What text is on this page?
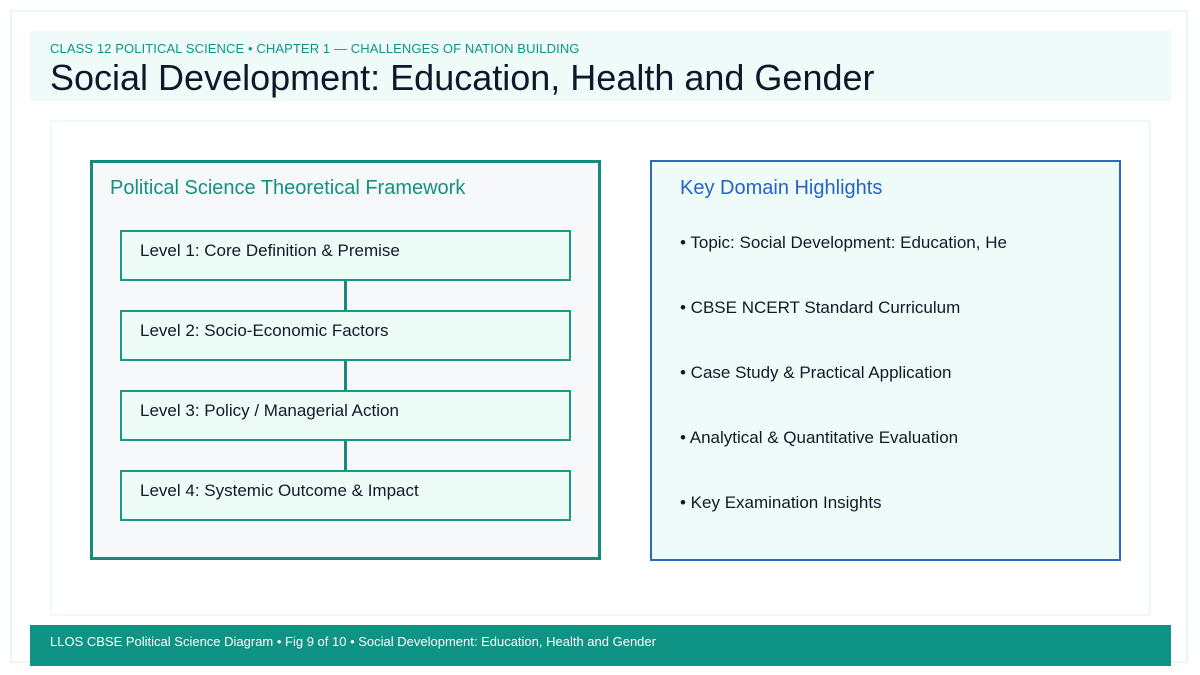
CLASS 12 POLITICAL SCIENCE • CHAPTER 1 — CHALLENGES OF NATION BUILDING
Social Development: Education, Health and Gender
Political Science Theoretical Framework
Level 1: Core Definition & Premise
Level 2: Socio-Economic Factors
Level 3: Policy / Managerial Action
Level 4: Systemic Outcome & Impact
Key Domain Highlights
• Topic: Social Development: Education, He
• CBSE NCERT Standard Curriculum
• Case Study & Practical Application
• Analytical & Quantitative Evaluation
• Key Examination Insights
LLOS CBSE Political Science Diagram • Fig 9 of 10 • Social Development: Education, Health and Gender
